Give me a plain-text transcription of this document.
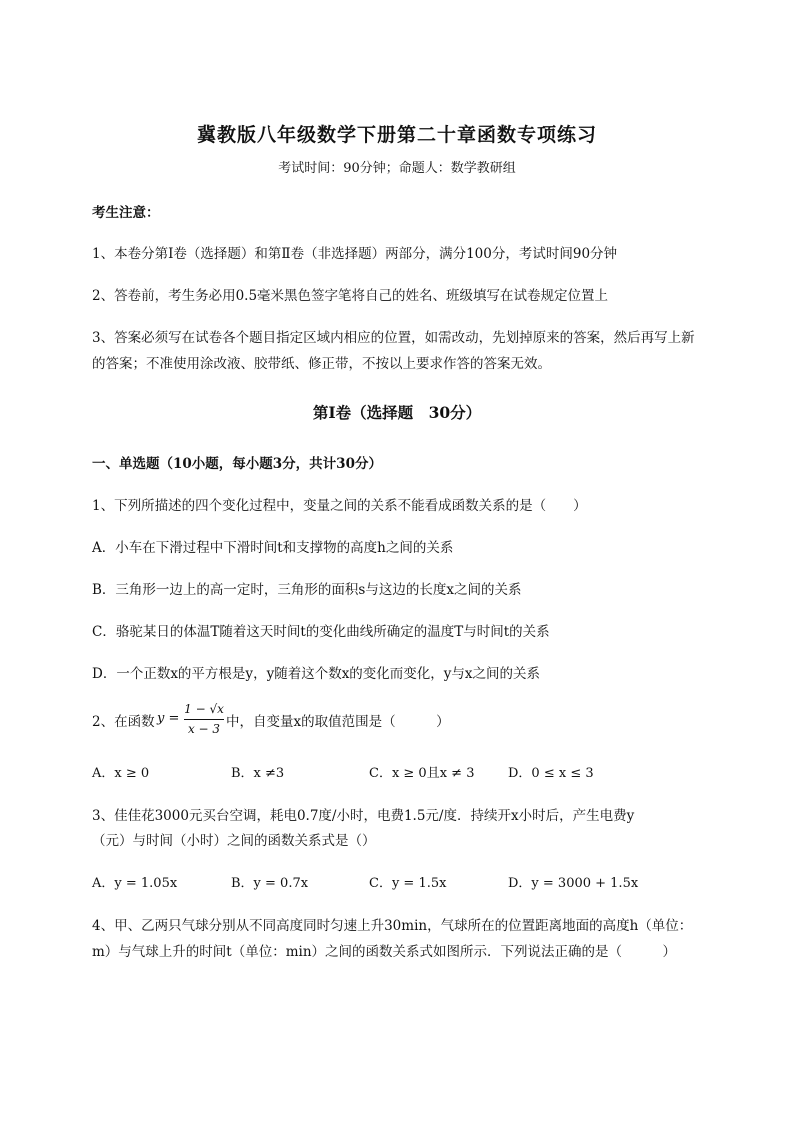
冀教版八年级数学下册第二十章函数专项练习
考试时间：90分钟；命题人：数学教研组
考生注意：
1、本卷分第I卷（选择题）和第Ⅱ卷（非选择题）两部分，满分100分，考试时间90分钟
2、答卷前，考生务必用0.5毫米黑色签字笔将自己的姓名、班级填写在试卷规定位置上
3、答案必须写在试卷各个题目指定区域内相应的位置，如需改动，先划掉原来的答案，然后再写上新
的答案；不准使用涂改液、胶带纸、修正带，不按以上要求作答的答案无效。
第I卷（选择题　30分）
一、单选题（10小题，每小题3分，共计30分）
1、下列所描述的四个变化过程中，变量之间的关系不能看成函数关系的是（　　）
A．小车在下滑过程中下滑时间t和支撑物的高度h之间的关系
B．三角形一边上的高一定时，三角形的面积s与这边的长度x之间的关系
C．骆驼某日的体温T随着这天时间t的变化曲线所确定的温度T与时间t的关系
D．一个正数x的平方根是y，y随着这个数x的变化而变化，y与x之间的关系
2、在函数 y =
1 − √x
x − 3 中，自变量x的取值范围是（　　　）
A．x ≥ 0	B．x ≠3	C．x ≥ 0且x ≠ 3	D．0 ≤ x ≤ 3
3、佳佳花3000元买台空调，耗电0.7度/小时，电费1.5元/度．持续开x小时后，产生电费y
（元）与时间（小时）之间的函数关系式是（）
A．y = 1.05x	B．y = 0.7x	C．y = 1.5x	D．y = 3000 + 1.5x
4、甲、乙两只气球分别从不同高度同时匀速上升30min，气球所在的位置距离地面的高度h（单位：
m）与气球上升的时间t（单位：min）之间的函数关系式如图所示．下列说法正确的是（　　　）
